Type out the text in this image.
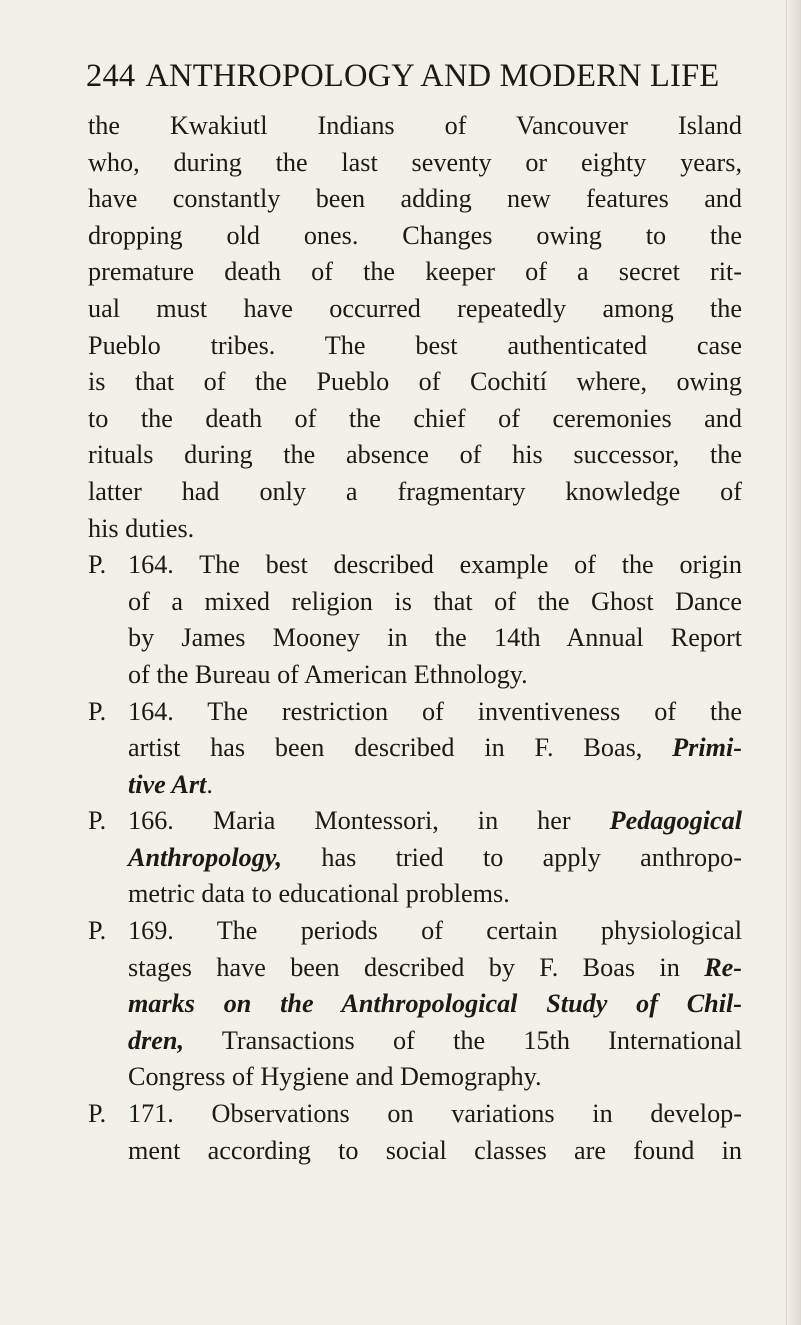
244 ANTHROPOLOGY AND MODERN LIFE
the Kwakiutl Indians of Vancouver Island
who, during the last seventy or eighty years,
have constantly been adding new features and
dropping old ones. Changes owing to the
premature death of the keeper of a secret rit-
ual must have occurred repeatedly among the
Pueblo tribes. The best authenticated case
is that of the Pueblo of Cochití where, owing
to the death of the chief of ceremonies and
rituals during the absence of his successor, the
latter had only a fragmentary knowledge of
his duties.
P. 164. The best described example of the origin
of a mixed religion is that of the Ghost Dance
by James Mooney in the 14th Annual Report
of the Bureau of American Ethnology.
P. 164. The restriction of inventiveness of the
artist has been described in F. Boas, Primi-
tive Art.
P. 166. Maria Montessori, in her Pedagogical
Anthropology, has tried to apply anthropo-
metric data to educational problems.
P. 169. The periods of certain physiological
stages have been described by F. Boas in Re-
marks on the Anthropological Study of Chil-
dren, Transactions of the 15th International
Congress of Hygiene and Demography.
P. 171. Observations on variations in develop-
ment according to social classes are found in
